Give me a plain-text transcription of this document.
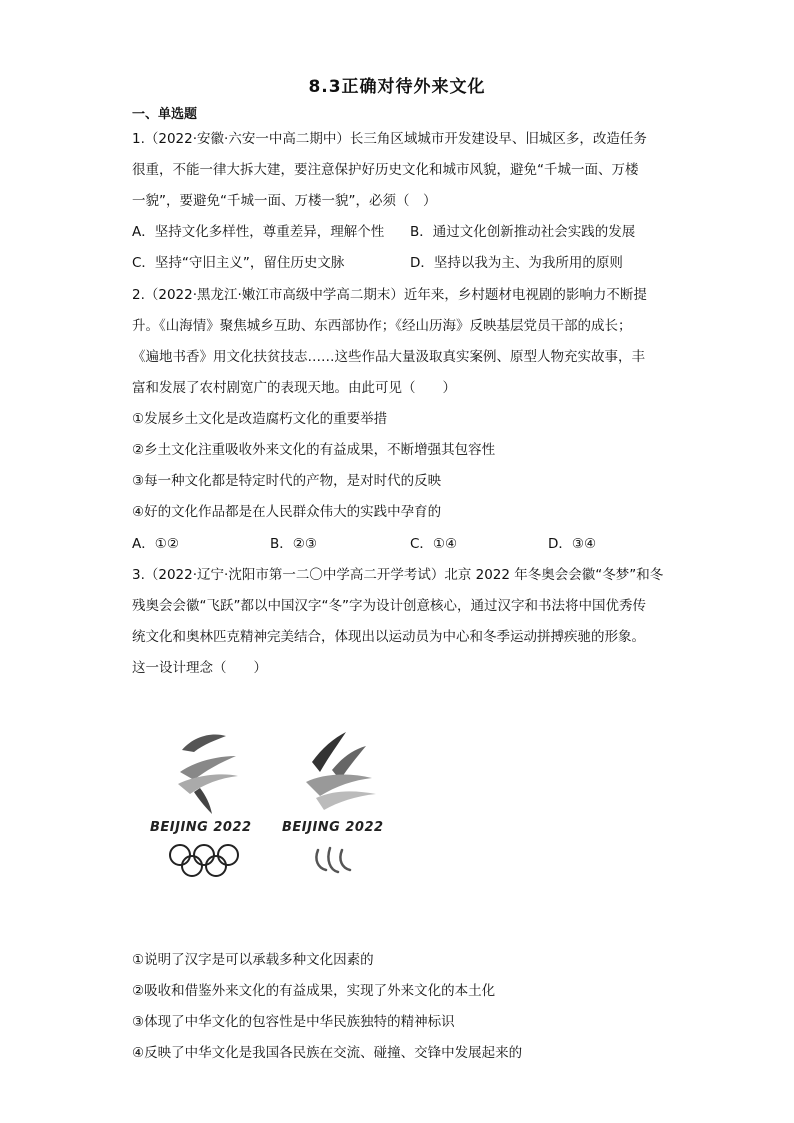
8.3正确对待外来文化
一、单选题
1.（2022·安徽·六安一中高二期中）长三角区域城市开发建设早、旧城区多，改造任务
很重，不能一律大拆大建，要注意保护好历史文化和城市风貌，避免“千城一面、万楼
一貌”，要避免“千城一面、万楼一貌”，必须（　）
A．坚持文化多样性，尊重差异，理解个性 B．通过文化创新推动社会实践的发展
C．坚持“守旧主义”，留住历史文脉	D．坚持以我为主、为我所用的原则
2.（2022·黑龙江·嫩江市高级中学高二期末）近年来，乡村题材电视剧的影响力不断提
升。《山海情》聚焦城乡互助、东西部协作；《经山历海》反映基层党员干部的成长；
《遍地书香》用文化扶贫技志……这些作品大量汲取真实案例、原型人物充实故事，丰
富和发展了农村剧宽广的表现天地。由此可见（　　）
①发展乡土文化是改造腐朽文化的重要举措
②乡土文化注重吸收外来文化的有益成果，不断增强其包容性
③每一种文化都是特定时代的产物，是对时代的反映
④好的文化作品都是在人民群众伟大的实践中孕育的
A．①②	B．②③	C．①④	D．③④
3.（2022·辽宁·沈阳市第一二〇中学高二开学考试）北京 2022 年冬奥会会徽“冬梦”和冬
残奥会会徽“飞跃”都以中国汉字“冬”字为设计创意核心，通过汉字和书法将中国优秀传
统文化和奥林匹克精神完美结合，体现出以运动员为中心和冬季运动拼搏疾驰的形象。
这一设计理念（　　）
BEIJING 2022 BEIJING 2022
①说明了汉字是可以承载多种文化因素的
②吸收和借鉴外来文化的有益成果，实现了外来文化的本土化
③体现了中华文化的包容性是中华民族独特的精神标识
④反映了中华文化是我国各民族在交流、碰撞、交锋中发展起来的
